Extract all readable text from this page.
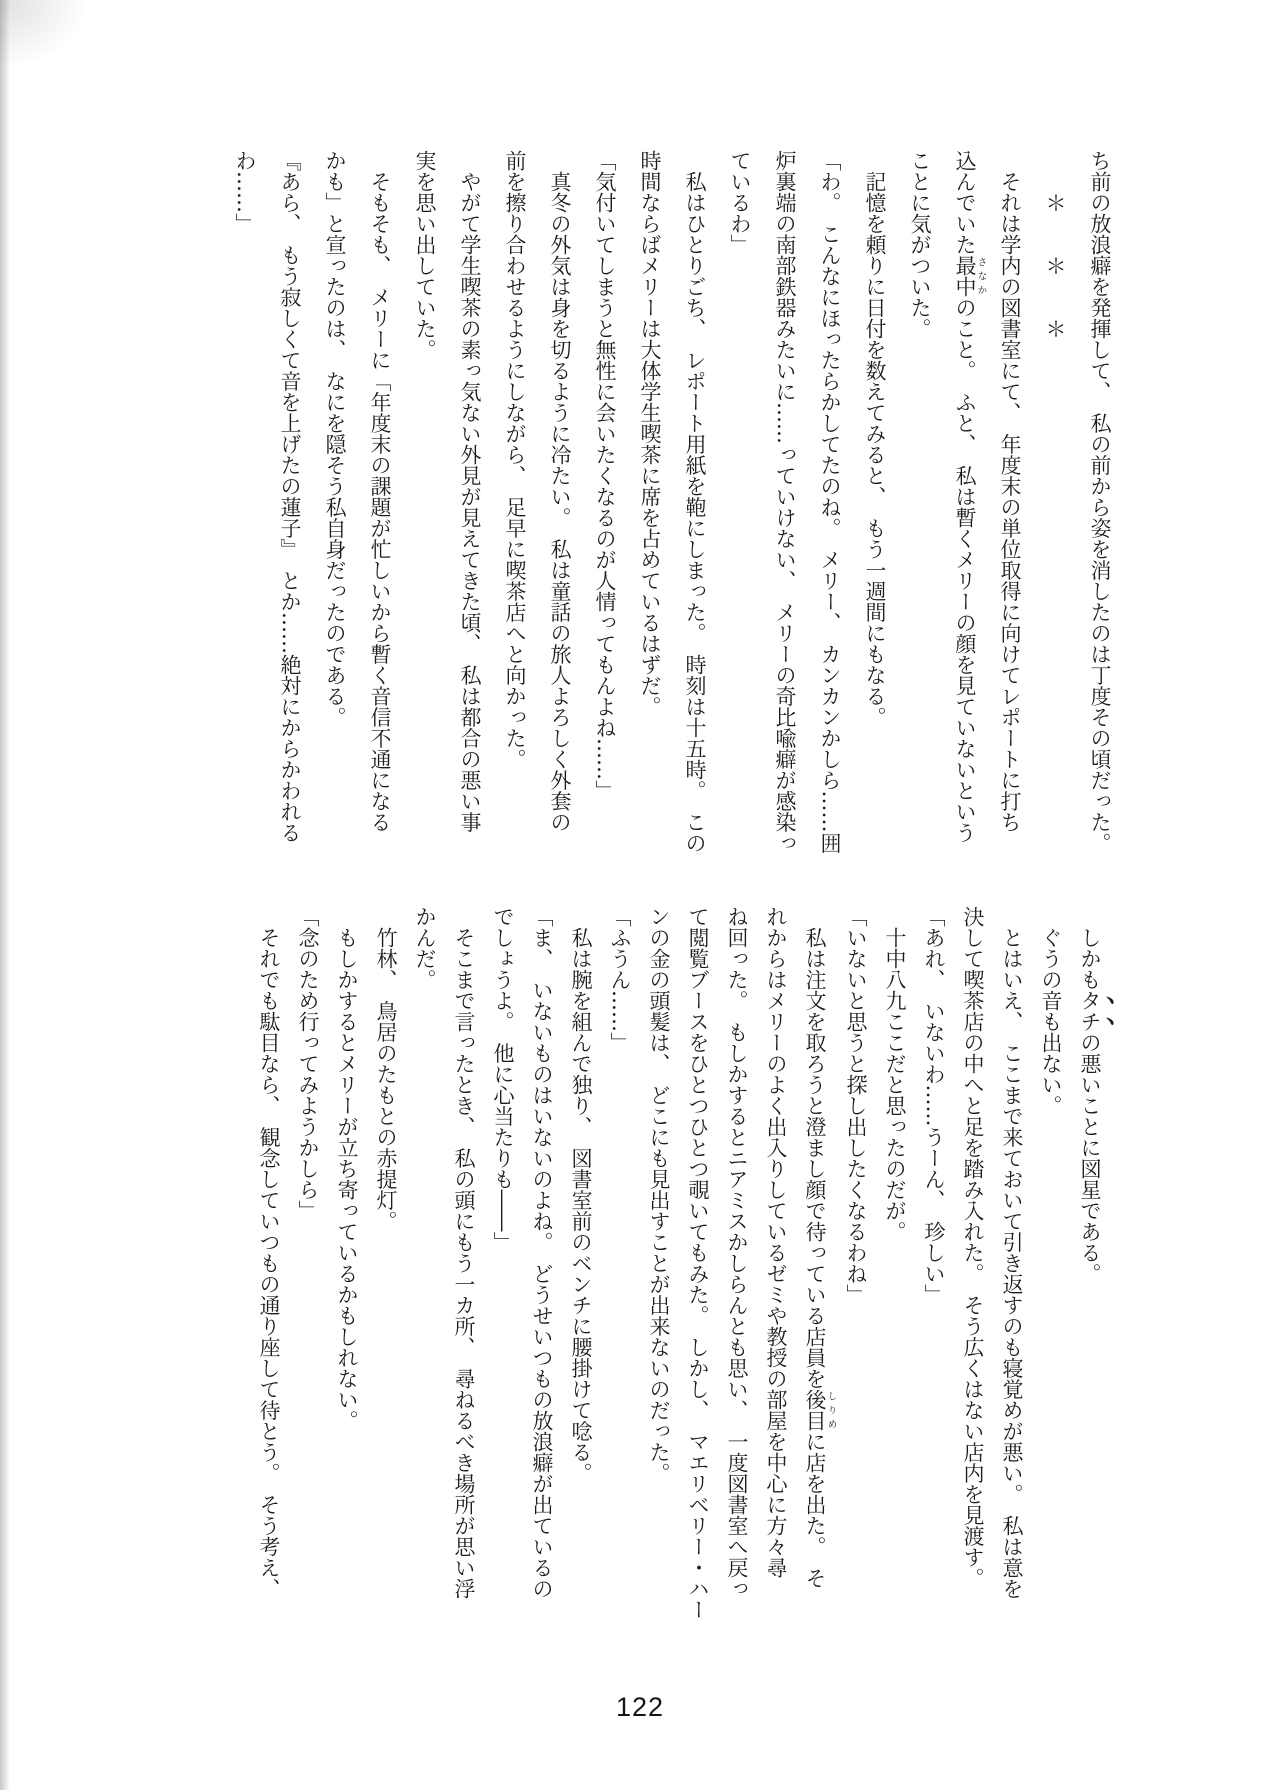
ち前の放浪癖を発揮して、　私の前から姿を消したのは丁度その頃だった。

　　＊　　＊　　＊

　それは学内の図書室にて、　年度末の単位取得に向けてレポートに打ち

込んでいた最中さなかのこと。　ふと、　私は暫くメリーの顔を見ていないという

ことに気がついた。

　記憶を頼りに日付を数えてみると、　もう一週間にもなる。

「わ。　こんなにほったらかしてたのね。　メリー、　カンカンかしら……囲

炉裏端の南部鉄器みたいに……っていけない、　メリーの奇比喩癖が感染っ

ているわ」

　私はひとりごち、　レポート用紙を鞄にしまった。　時刻は十五時。　この

時間ならばメリーは大体学生喫茶に席を占めているはずだ。

「気付いてしまうと無性に会いたくなるのが人情ってもんよね……」

　真冬の外気は身を切るように冷たい。　私は童話の旅人よろしく外套の

前を擦り合わせるようにしながら、　足早に喫茶店へと向かった。

　やがて学生喫茶の素っ気ない外見が見えてきた頃、　私は都合の悪い事

実を思い出していた。

　そもそも、　メリーに「年度末の課題が忙しいから暫く音信不通になる

かも」と宣ったのは、　なにを隠そう私自身だったのである。

『あら、　もう寂しくて音を上げたの蓮子』　とか……絶対にからかわれる

わ……」

　しかもタチの悪いことに図星である。

　ぐうの音も出ない。

　とはいえ、　ここまで来ておいて引き返すのも寝覚めが悪い。　私は意を

決して喫茶店の中へと足を踏み入れた。　そう広くはない店内を見渡す。

「あれ、　いないわ……うーん、　珍しい」

　十中八九ここだと思ったのだが。

「いないと思うと探し出したくなるわね」

　私は注文を取ろうと澄まし顔で待っている店員を後目しりめに店を出た。　そ

れからはメリーのよく出入りしているゼミや教授の部屋を中心に方々尋

ね回った。　もしかするとニアミスかしらんとも思い、　一度図書室へ戻っ

て閲覧ブースをひとつひとつ覗いてもみた。　しかし、　マエリベリー・ハー

ンの金の頭髪は、　どこにも見出すことが出来ないのだった。

「ふうん……」

　私は腕を組んで独り、　図書室前のベンチに腰掛けて唸る。

「ま、　いないものはいないのよね。　どうせいつもの放浪癖が出ているの

でしょうよ。　他に心当たりも――」

　そこまで言ったとき、　私の頭にもう一カ所、　尋ねるべき場所が思い浮

かんだ。

　竹林、　鳥居のたもとの赤提灯。

　もしかするとメリーが立ち寄っているかもしれない。

「念のため行ってみようかしら」

　それでも駄目なら、　観念していつもの通り座して待とう。　そう考え、

122
